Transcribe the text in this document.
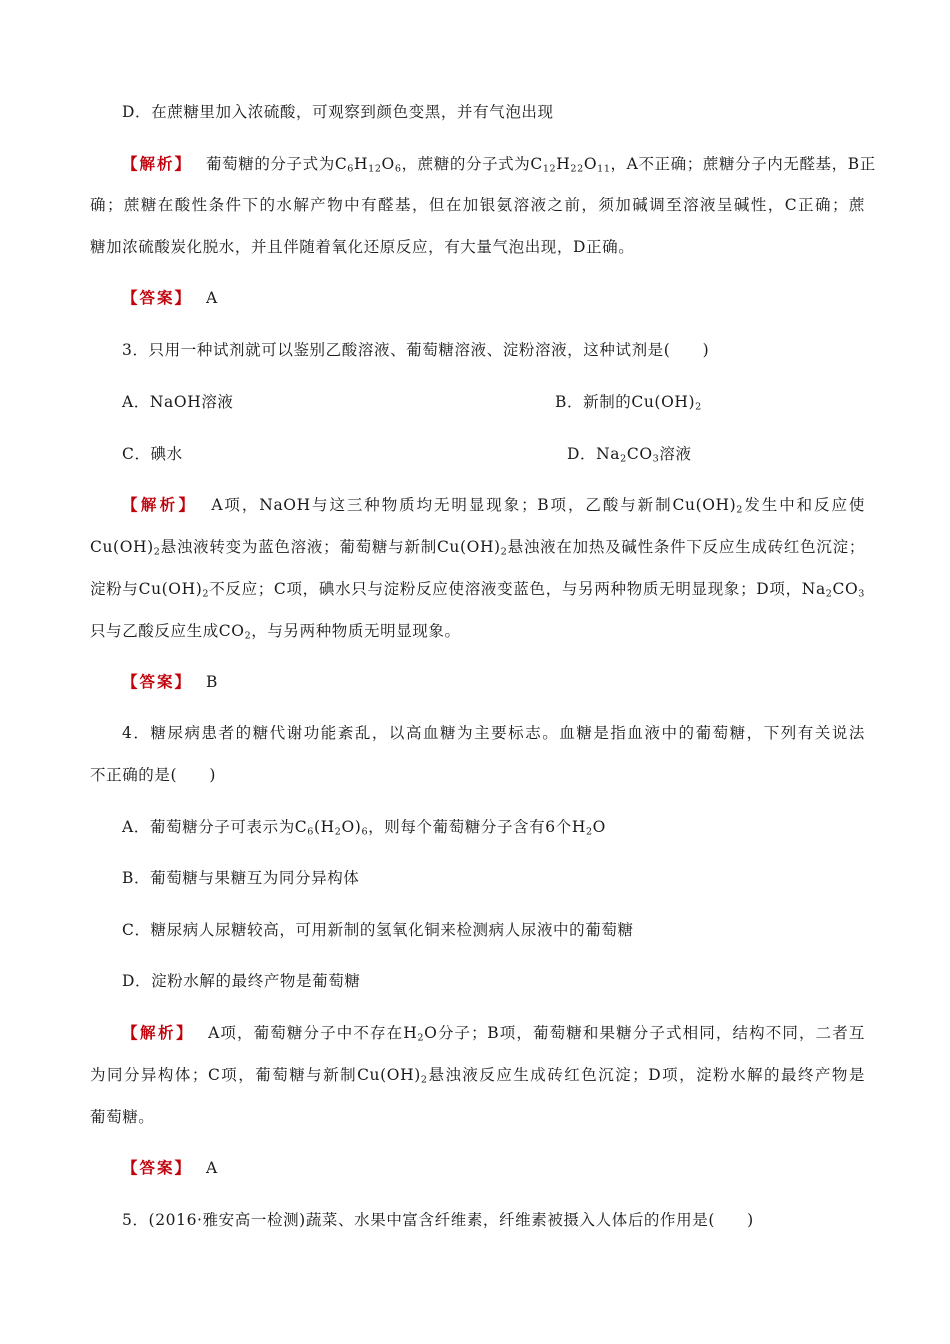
D．在蔗糖里加入浓硫酸，可观察到颜色变黑，并有气泡出现
【解析】 葡萄糖的分子式为$C_6H_{12}O_6$，蔗糖的分子式为$C_{12}H_{22}O_{11}$，A不正确；蔗糖分子内无醛基，B正
确；蔗糖在酸性条件下的水解产物中有醛基，但在加银氨溶液之前，须加碱调至溶液呈碱性，C正确；蔗
糖加浓硫酸炭化脱水，并且伴随着氧化还原反应，有大量气泡出现，D正确。
【答案】 A
3．只用一种试剂就可以鉴别乙酸溶液、葡萄糖溶液、淀粉溶液，这种试剂是(　　)
A．NaOH溶液	B．新制的$Cu(OH)_2$
C．碘水	D．$Na_2CO_3$溶液
【解析】 A项，NaOH与这三种物质均无明显现象；B项，乙酸与新制$Cu(OH)_2$发生中和反应使
$Cu(OH)_2$悬浊液转变为蓝色溶液；葡萄糖与新制$Cu(OH)_2$悬浊液在加热及碱性条件下反应生成砖红色沉淀；
淀粉与$Cu(OH)_2$不反应；C项，碘水只与淀粉反应使溶液变蓝色，与另两种物质无明显现象；D项，$Na_2CO_3$
只与乙酸反应生成$CO_2$，与另两种物质无明显现象。
【答案】 B
4．糖尿病患者的糖代谢功能紊乱，以高血糖为主要标志。血糖是指血液中的葡萄糖，下列有关说法
不正确的是(　　)
A．葡萄糖分子可表示为$C_6(H_2O)_6$，则每个葡萄糖分子含有6个$H_2O$
B．葡萄糖与果糖互为同分异构体
C．糖尿病人尿糖较高，可用新制的氢氧化铜来检测病人尿液中的葡萄糖
D．淀粉水解的最终产物是葡萄糖
【解析】 A项，葡萄糖分子中不存在$H_2O$分子；B项，葡萄糖和果糖分子式相同，结构不同，二者互
为同分异构体；C项，葡萄糖与新制$Cu(OH)_2$悬浊液反应生成砖红色沉淀；D项，淀粉水解的最终产物是
葡萄糖。
【答案】 A
5．(2016·雅安高一检测)蔬菜、水果中富含纤维素，纤维素被摄入人体后的作用是(　　)
